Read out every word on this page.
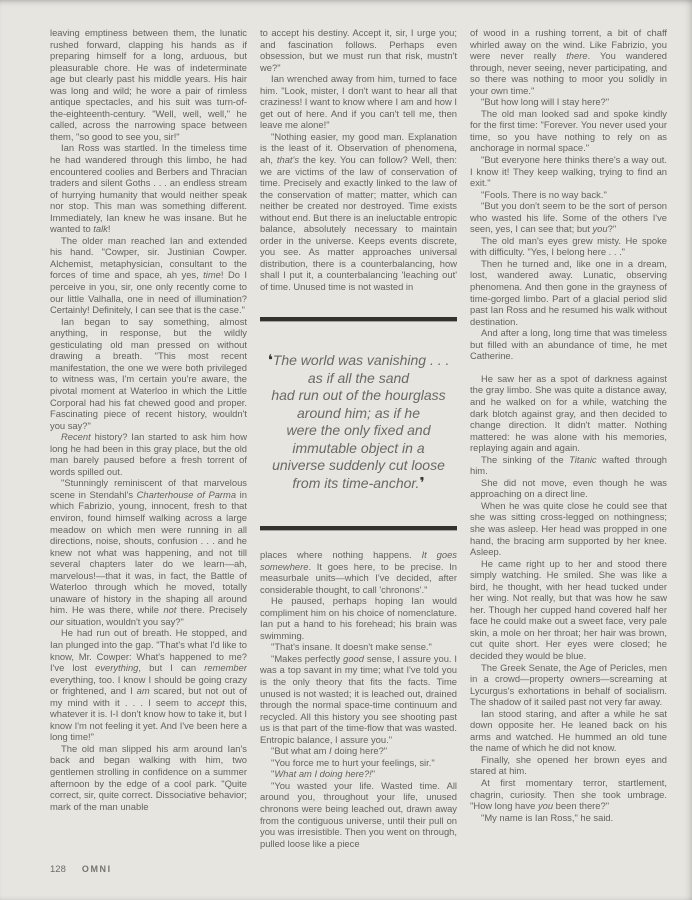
leaving emptiness between them, the lunatic rushed forward, clapping his hands as if preparing himself for a long, arduous, but pleasurable chore. He was of indeterminate age but clearly past his middle years. His hair was long and wild; he wore a pair of rimless antique spectacles, and his suit was turn-of-the-eighteenth-century. "Well, well, well," he called, across the narrowing space between them, "so good to see you, sir!"

Ian Ross was startled. In the timeless time he had wandered through this limbo, he had encountered coolies and Berbers and Thracian traders and silent Goths . . . an endless stream of hurrying humanity that would neither speak nor stop. This man was something different. Immediately, Ian knew he was insane. But he wanted to talk!

The older man reached Ian and extended his hand. "Cowper, sir. Justinian Cowper. Alchemist, metaphysician, consultant to the forces of time and space, ah yes, time! Do I perceive in you, sir, one only recently come to our little Valhalla, one in need of illumination? Certainly! Definitely, I can see that is the case."

Ian began to say something, almost anything, in response, but the wildly gesticulating old man pressed on without drawing a breath. "This most recent manifestation, the one we were both privileged to witness was, I'm certain you're aware, the pivotal moment at Waterloo in which the Little Corporal had his fat chewed good and proper. Fascinating piece of recent history, wouldn't you say?"

Recent history? Ian started to ask him how long he had been in this gray place, but the old man barely paused before a fresh torrent of words spilled out.

"Stunningly reminiscent of that marvelous scene in Stendahl's Charterhouse of Parma in which Fabrizio, young, innocent, fresh to that environ, found himself walking across a large meadow on which men were running in all directions, noise, shouts, confusion . . . and he knew not what was happening, and not till several chapters later do we learn—ah, marvelous!—that it was, in fact, the Battle of Waterloo through which he moved, totally unaware of history in the shaping all around him. He was there, while not there. Precisely our situation, wouldn't you say?"

He had run out of breath. He stopped, and Ian plunged into the gap. "That's what I'd like to know, Mr. Cowper: What's happened to me? I've lost everything, but I can remember everything, too. I know I should be going crazy or frightened, and I am scared, but not out of my mind with it . . . I seem to accept this, whatever it is. I-I don't know how to take it, but I know I'm not feeling it yet. And I've been here a long time!"

The old man slipped his arm around Ian's back and began walking with him, two gentlemen strolling in confidence on a summer afternoon by the edge of a cool park. "Quite correct, sir, quite correct. Dissociative behavior; mark of the man unable

to accept his destiny. Accept it, sir, I urge you; and fascination follows. Perhaps even obsession, but we must run that risk, mustn't we?"

Ian wrenched away from him, turned to face him. "Look, mister, I don't want to hear all that craziness! I want to know where I am and how I get out of here. And if you can't tell me, then leave me alone!"

"Nothing easier, my good man. Explanation is the least of it. Observation of phenomena, ah, that's the key. You can follow? Well, then: we are victims of the law of conservation of time. Precisely and exactly linked to the law of the conservation of matter; matter, which can neither be created nor destroyed. Time exists without end. But there is an ineluctable entropic balance, absolutely necessary to maintain order in the universe. Keeps events discrete, you see. As matter approaches universal distribution, there is a counterbalancing, how shall I put it, a counterbalancing 'leaching out' of time. Unused time is not wasted in

❛The world was vanishing . . .
as if all the sand
had run out of the hourglass
around him; as if he
were the only fixed and
immutable object in a
universe suddenly cut loose
from its time-anchor.❜

places where nothing happens. It goes somewhere. It goes here, to be precise. In measurbale units—which I've decided, after considerable thought, to call 'chronons'."

He paused, perhaps hoping Ian would compliment him on his choice of nomenclature. Ian put a hand to his forehead; his brain was swimming.

"That's insane. It doesn't make sense."

"Makes perfectly good sense, I assure you. I was a top savant in my time; what I've told you is the only theory that fits the facts. Time unused is not wasted; it is leached out, drained through the normal space-time continuum and recycled. All this history you see shooting past us is that part of the time-flow that was wasted. Entropic balance, I assure you."

"But what am I doing here?"

"You force me to hurt your feelings, sir."

"What am I doing here?!"

"You wasted your life. Wasted time. All around you, throughout your life, unused chronons were being leached out, drawn away from the contiguous universe, until their pull on you was irresistible. Then you went on through, pulled loose like a piece

of wood in a rushing torrent, a bit of chaff whirled away on the wind. Like Fabrizio, you were never really there. You wandered through, never seeing, never participating, and so there was nothing to moor you solidly in your own time."

"But how long will I stay here?"

The old man looked sad and spoke kindly for the first time: "Forever. You never used your time, so you have nothing to rely on as anchorage in normal space."

"But everyone here thinks there's a way out. I know it! They keep walking, trying to find an exit."

"Fools. There is no way back."

"But you don't seem to be the sort of person who wasted his life. Some of the others I've seen, yes, I can see that; but you?"

The old man's eyes grew misty. He spoke with difficulty. "Yes, I belong here . . ."

Then he turned and, like one in a dream, lost, wandered away. Lunatic, observing phenomena. And then gone in the grayness of time-gorged limbo. Part of a glacial period slid past Ian Ross and he resumed his walk without destination.

And after a long, long time that was timeless but filled with an abundance of time, he met Catherine.

He saw her as a spot of darkness against the gray limbo. She was quite a distance away, and he walked on for a while, watching the dark blotch against gray, and then decided to change direction. It didn't matter. Nothing mattered: he was alone with his memories, replaying again and again.

The sinking of the Titanic wafted through him.

She did not move, even though he was approaching on a direct line.

When he was quite close he could see that she was sitting cross-legged on nothingness; she was asleep. Her head was propped in one hand, the bracing arm supported by her knee. Asleep.

He came right up to her and stood there simply watching. He smiled. She was like a bird, he thought, with her head tucked under her wing. Not really, but that was how he saw her. Though her cupped hand covered half her face he could make out a sweet face, very pale skin, a mole on her throat; her hair was brown, cut quite short. Her eyes were closed; he decided they would be blue.

The Greek Senate, the Age of Pericles, men in a crowd—property owners—screaming at Lycurgus's exhortations in behalf of socialism. The shadow of it sailed past not very far away.

Ian stood staring, and after a while he sat down opposite her. He leaned back on his arms and watched. He hummed an old tune the name of which he did not know.

Finally, she opened her brown eyes and stared at him.

At first momentary terror, startlement, chagrin, curiosity. Then she took umbrage. "How long have you been there?"

"My name is Ian Ross," he said.

128 OMNI
